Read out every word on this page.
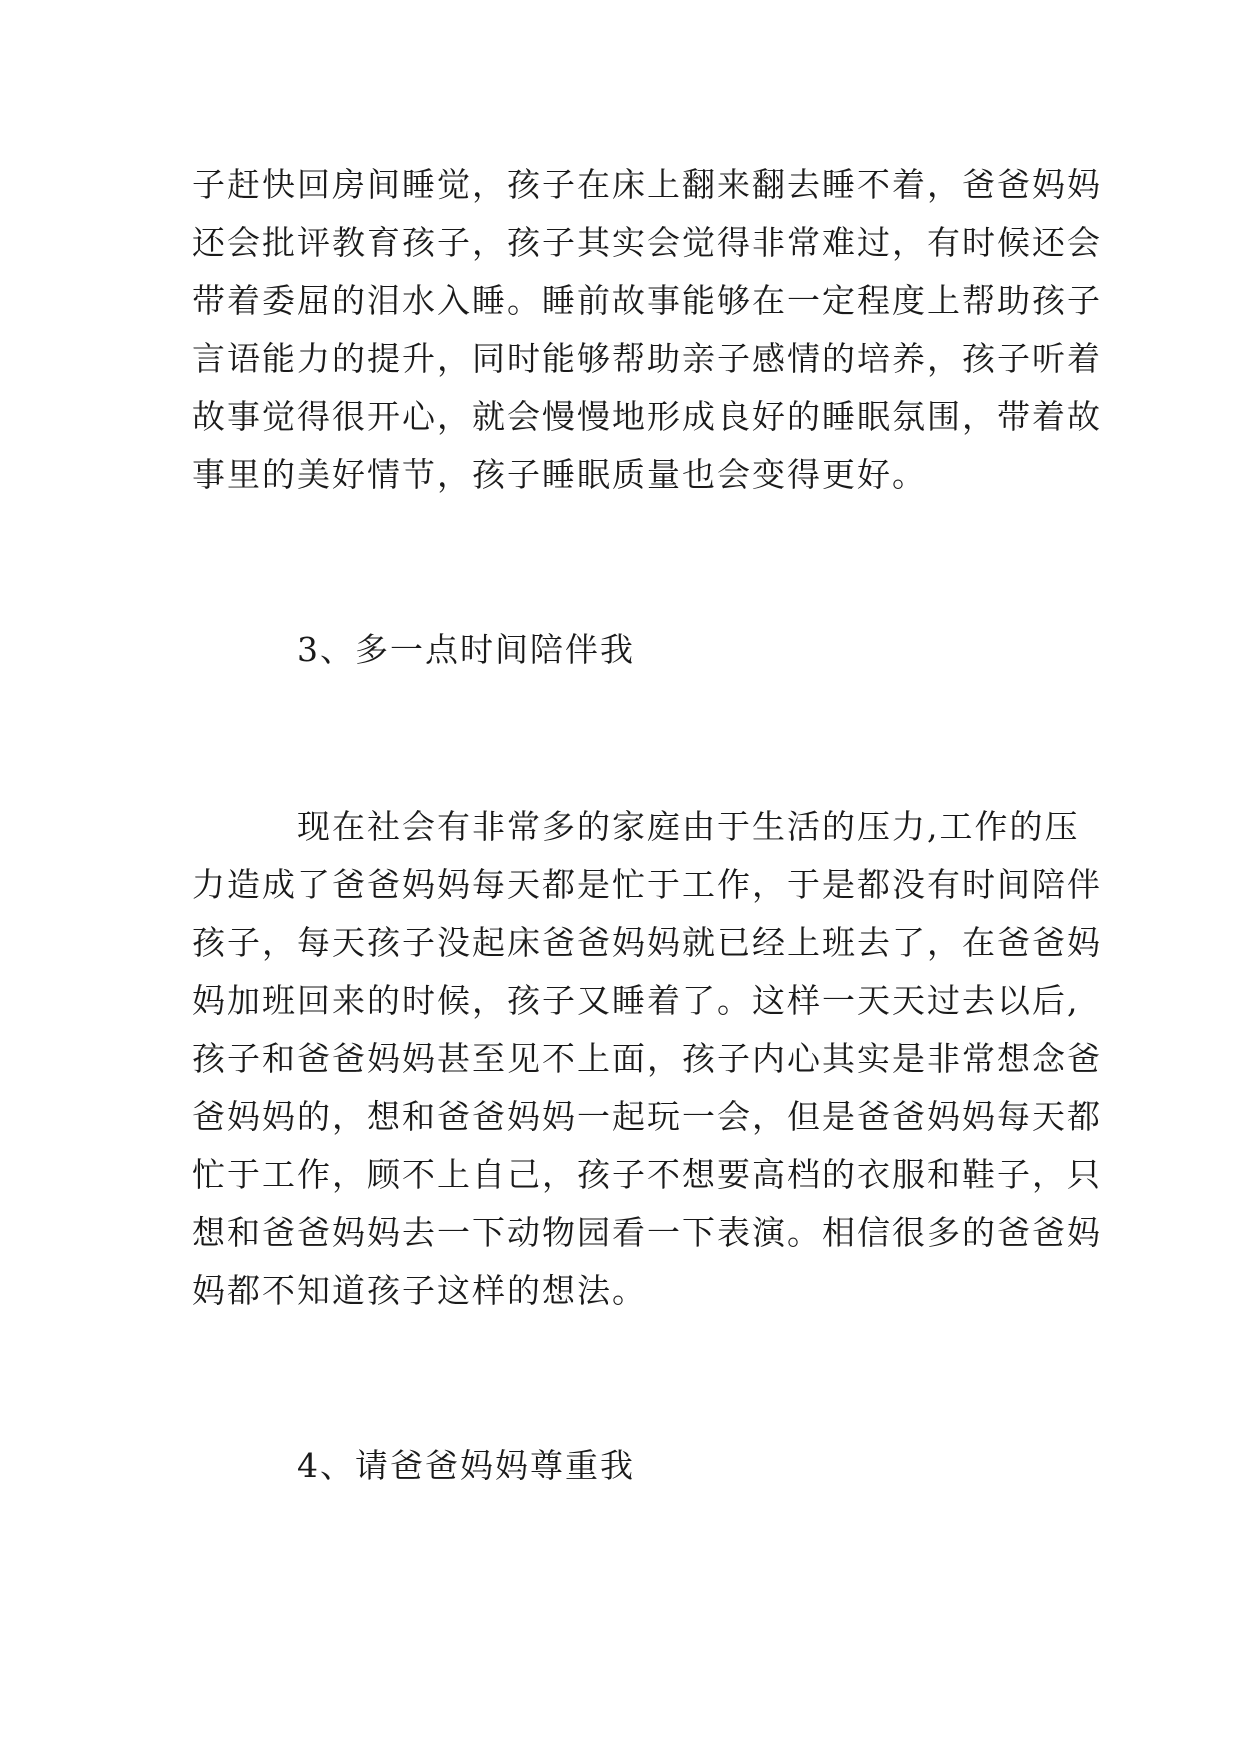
子赶快回房间睡觉，孩子在床上翻来翻去睡不着，爸爸妈妈
还会批评教育孩子，孩子其实会觉得非常难过，有时候还会
带着委屈的泪水入睡。睡前故事能够在一定程度上帮助孩子
言语能力的提升，同时能够帮助亲子感情的培养，孩子听着
故事觉得很开心，就会慢慢地形成良好的睡眠氛围，带着故
事里的美好情节，孩子睡眠质量也会变得更好。
3、多一点时间陪伴我
现在社会有非常多的家庭由于生活的压力,工作的压
力造成了爸爸妈妈每天都是忙于工作，于是都没有时间陪伴
孩子，每天孩子没起床爸爸妈妈就已经上班去了，在爸爸妈
妈加班回来的时候，孩子又睡着了。这样一天天过去以后,
孩子和爸爸妈妈甚至见不上面，孩子内心其实是非常想念爸
爸妈妈的，想和爸爸妈妈一起玩一会，但是爸爸妈妈每天都
忙于工作，顾不上自己，孩子不想要高档的衣服和鞋子，只
想和爸爸妈妈去一下动物园看一下表演。相信很多的爸爸妈
妈都不知道孩子这样的想法。
4、请爸爸妈妈尊重我
